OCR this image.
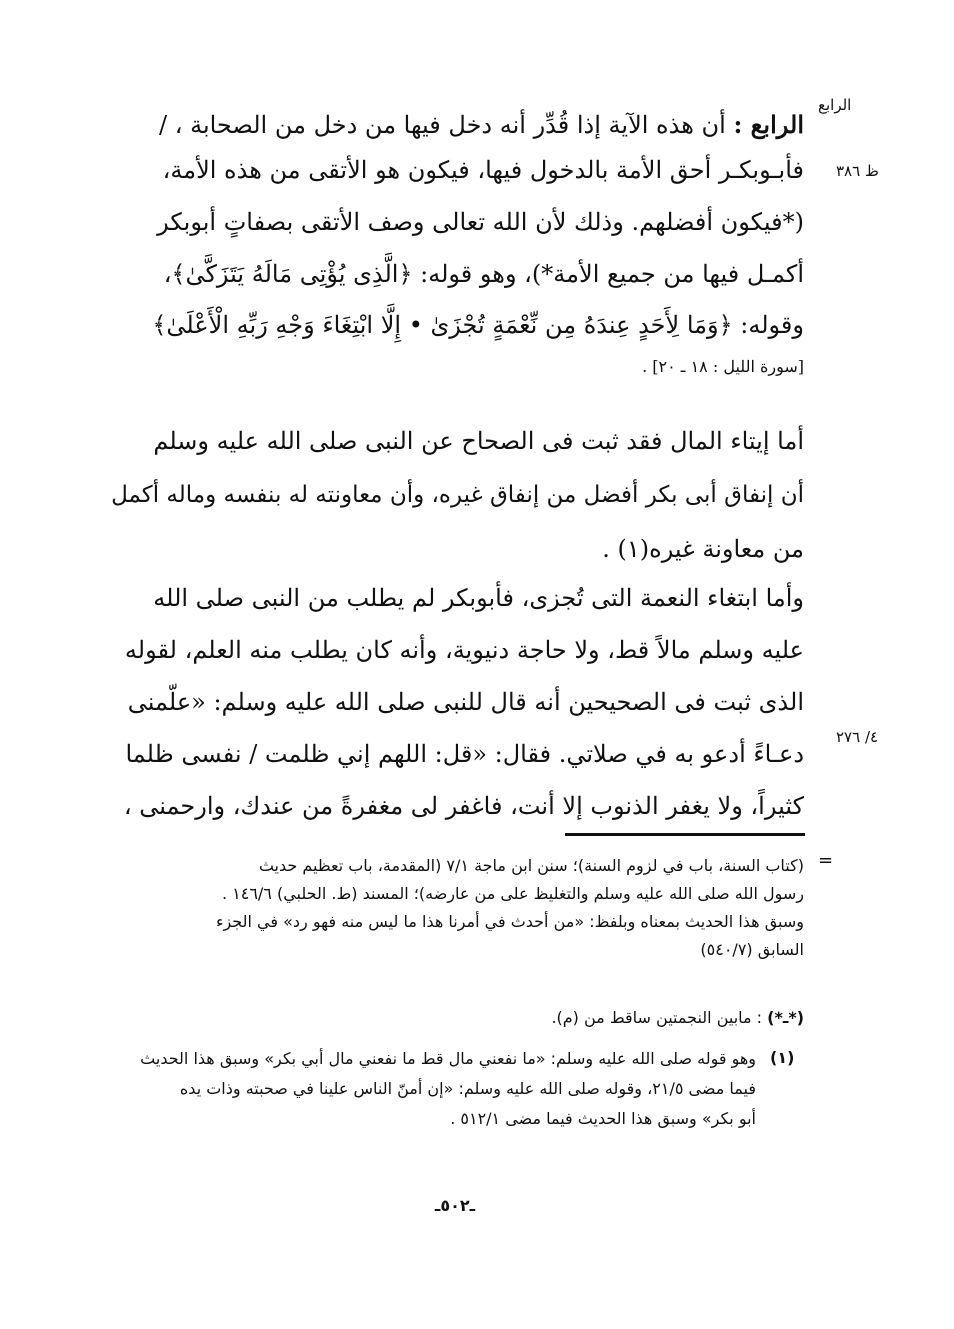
الرابع
ظ ٣٨٦
٤/ ٢٧٦
الرابع : أن هذه الآية إذا قُدِّر أنه دخل فيها من دخل من الصحابة ، /
فأبـوبكـر أحق الأمة بالدخول فيها، فيكون هو الأتقى من هذه الأمة،
(*فيكون أفضلهم. وذلك لأن الله تعالى وصف الأتقى بصفاتٍ أبوبكر
أكمـل فيها من جميع الأمة*)، وهو قوله: ﴿الَّذِى يُؤْتِى مَالَهُ يَتَزَكَّىٰ﴾،
وقوله: ﴿وَمَا لِأَحَدٍ عِندَهُ مِن نِّعْمَةٍ تُجْزَىٰ • إِلَّا ابْتِغَاءَ وَجْهِ رَبِّهِ الْأَعْلَىٰ﴾
[سورة الليل : ١٨ ـ ٢٠] .
أما إيتاء المال فقد ثبت فى الصحاح عن النبى صلى الله عليه وسلم
أن إنفاق أبى بكر أفضل من إنفاق غيره، وأن معاونته له بنفسه وماله أكمل
من معاونة غيره(١) .
وأما ابتغاء النعمة التى تُجزى، فأبوبكر لم يطلب من النبى صلى الله
عليه وسلم مالاً قط، ولا حاجة دنيوية، وأنه كان يطلب منه العلم، لقوله
الذى ثبت فى الصحيحين أنه قال للنبى صلى الله عليه وسلم: «علّمنى
دعـاءً أدعو به في صلاتي. فقال: «قل: اللهم إني ظلمت / نفسى ظلما
كثيراً، ولا يغفر الذنوب إلا أنت، فاغفر لى مغفرةً من عندك، وارحمنى ،
=
(كتاب السنة، باب في لزوم السنة)؛ سنن ابن ماجة ٧/١ (المقدمة، باب تعظيم حديث
رسول الله صلى الله عليه وسلم والتغليظ على من عارضه)؛ المسند (ط. الحلبي) ١٤٦/٦ .
وسبق هذا الحديث بمعناه وبلفظ: «من أحدث في أمرنا هذا ما ليس منه فهو رد» في الجزء
السابق (٥٤٠/٧)
(*ـ*) : مابين النجمتين ساقط من (م).
(١)
وهو قوله صلى الله عليه وسلم: «ما نفعني مال قط ما نفعني مال أبي بكر» وسبق هذا الحديث
فيما مضى ٢١/٥، وقوله صلى الله عليه وسلم: «إن أمنّ الناس علينا في صحبته وذات يده
أبو بكر» وسبق هذا الحديث فيما مضى ٥١٢/١ .
ـ٥٠٢ـ
